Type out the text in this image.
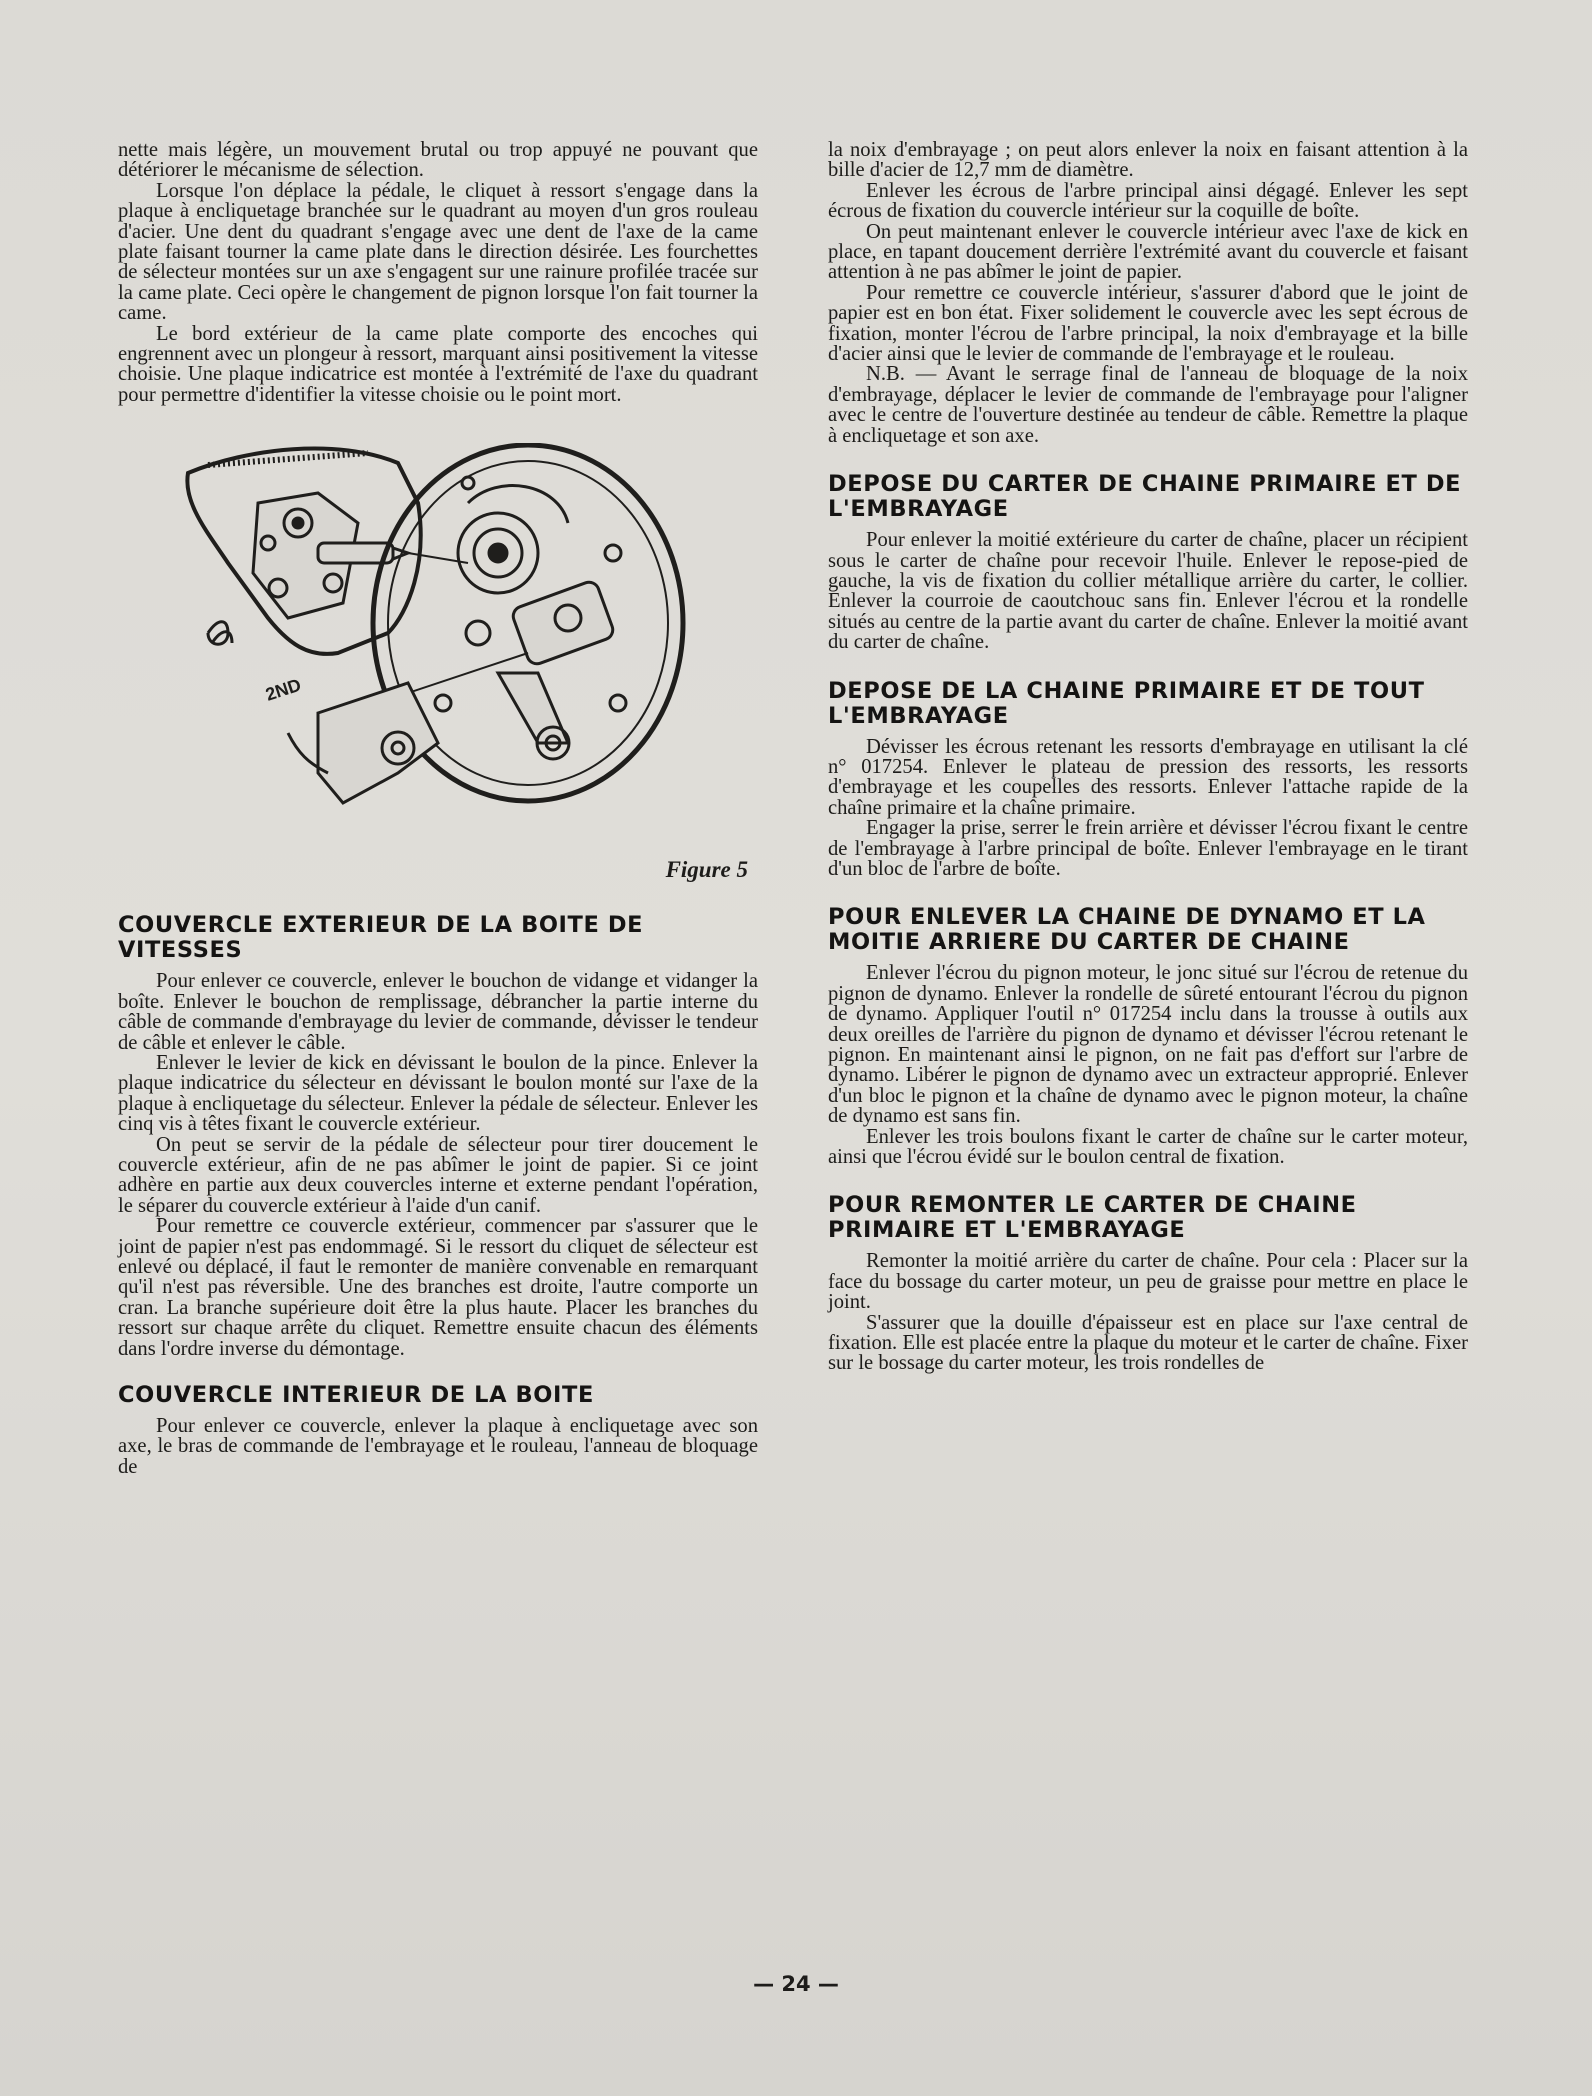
nette mais légère, un mouvement brutal ou trop appuyé ne pouvant que détériorer le mécanisme de sélection.

Lorsque l'on déplace la pédale, le cliquet à ressort s'engage dans la plaque à encliquetage branchée sur le quadrant au moyen d'un gros rouleau d'acier. Une dent du quadrant s'engage avec une dent de l'axe de la came plate faisant tourner la came plate dans le direction désirée. Les fourchettes de sélecteur montées sur un axe s'engagent sur une rainure profilée tracée sur la came plate. Ceci opère le changement de pignon lorsque l'on fait tourner la came.

Le bord extérieur de la came plate comporte des encoches qui engrennent avec un plongeur à ressort, marquant ainsi positivement la vitesse choisie. Une plaque indicatrice est montée à l'extrémité de l'axe du quadrant pour permettre d'identifier la vitesse choisie ou le point mort.

2ND
Figure 5
COUVERCLE EXTERIEUR DE LA BOITE DE VITESSES

Pour enlever ce couvercle, enlever le bouchon de vidange et vidanger la boîte. Enlever le bouchon de remplissage, débrancher la partie interne du câble de commande d'embrayage du levier de commande, dévisser le tendeur de câble et enlever le câble.

Enlever le levier de kick en dévissant le boulon de la pince. Enlever la plaque indicatrice du sélecteur en dévissant le boulon monté sur l'axe de la plaque à encliquetage du sélecteur. Enlever la pédale de sélecteur. Enlever les cinq vis à têtes fixant le couvercle extérieur.

On peut se servir de la pédale de sélecteur pour tirer doucement le couvercle extérieur, afin de ne pas abîmer le joint de papier. Si ce joint adhère en partie aux deux couvercles interne et externe pendant l'opération, le séparer du couvercle extérieur à l'aide d'un canif.

Pour remettre ce couvercle extérieur, commencer par s'assurer que le joint de papier n'est pas endommagé. Si le ressort du cliquet de sélecteur est enlevé ou déplacé, il faut le remonter de manière convenable en remarquant qu'il n'est pas réversible. Une des branches est droite, l'autre comporte un cran. La branche supérieure doit être la plus haute. Placer les branches du ressort sur chaque arrête du cliquet. Remettre ensuite chacun des éléments dans l'ordre inverse du démontage.

COUVERCLE INTERIEUR DE LA BOITE

Pour enlever ce couvercle, enlever la plaque à encliquetage avec son axe, le bras de commande de l'embrayage et le rouleau, l'anneau de bloquage de

la noix d'embrayage ; on peut alors enlever la noix en faisant attention à la bille d'acier de 12,7 mm de diamètre.

Enlever les écrous de l'arbre principal ainsi dégagé. Enlever les sept écrous de fixation du couvercle intérieur sur la coquille de boîte.

On peut maintenant enlever le couvercle intérieur avec l'axe de kick en place, en tapant doucement derrière l'extrémité avant du couvercle et faisant attention à ne pas abîmer le joint de papier.

Pour remettre ce couvercle intérieur, s'assurer d'abord que le joint de papier est en bon état. Fixer solidement le couvercle avec les sept écrous de fixation, monter l'écrou de l'arbre principal, la noix d'embrayage et la bille d'acier ainsi que le levier de commande de l'embrayage et le rouleau.

N.B. — Avant le serrage final de l'anneau de bloquage de la noix d'embrayage, déplacer le levier de commande de l'embrayage pour l'aligner avec le centre de l'ouverture destinée au tendeur de câble. Remettre la plaque à encliquetage et son axe.

DEPOSE DU CARTER DE CHAINE PRIMAIRE ET DE L'EMBRAYAGE

Pour enlever la moitié extérieure du carter de chaîne, placer un récipient sous le carter de chaîne pour recevoir l'huile. Enlever le repose-pied de gauche, la vis de fixation du collier métallique arrière du carter, le collier. Enlever la courroie de caoutchouc sans fin. Enlever l'écrou et la rondelle situés au centre de la partie avant du carter de chaîne. Enlever la moitié avant du carter de chaîne.

DEPOSE DE LA CHAINE PRIMAIRE ET DE TOUT L'EMBRAYAGE

Dévisser les écrous retenant les ressorts d'embrayage en utilisant la clé n° 017254. Enlever le plateau de pression des ressorts, les ressorts d'embrayage et les coupelles des ressorts. Enlever l'attache rapide de la chaîne primaire et la chaîne primaire.

Engager la prise, serrer le frein arrière et dévisser l'écrou fixant le centre de l'embrayage à l'arbre principal de boîte. Enlever l'embrayage en le tirant d'un bloc de l'arbre de boîte.

POUR ENLEVER LA CHAINE DE DYNAMO ET LA MOITIE ARRIERE DU CARTER DE CHAINE

Enlever l'écrou du pignon moteur, le jonc situé sur l'écrou de retenue du pignon de dynamo. Enlever la rondelle de sûreté entourant l'écrou du pignon de dynamo. Appliquer l'outil n° 017254 inclu dans la trousse à outils aux deux oreilles de l'arrière du pignon de dynamo et dévisser l'écrou retenant le pignon. En maintenant ainsi le pignon, on ne fait pas d'effort sur l'arbre de dynamo. Libérer le pignon de dynamo avec un extracteur approprié. Enlever d'un bloc le pignon et la chaîne de dynamo avec le pignon moteur, la chaîne de dynamo est sans fin.

Enlever les trois boulons fixant le carter de chaîne sur le carter moteur, ainsi que l'écrou évidé sur le boulon central de fixation.

POUR REMONTER LE CARTER DE CHAINE PRIMAIRE ET L'EMBRAYAGE

Remonter la moitié arrière du carter de chaîne. Pour cela : Placer sur la face du bossage du carter moteur, un peu de graisse pour mettre en place le joint.

S'assurer que la douille d'épaisseur est en place sur l'axe central de fixation. Elle est placée entre la plaque du moteur et le carter de chaîne. Fixer sur le bossage du carter moteur, les trois rondelles de

— 24 —
